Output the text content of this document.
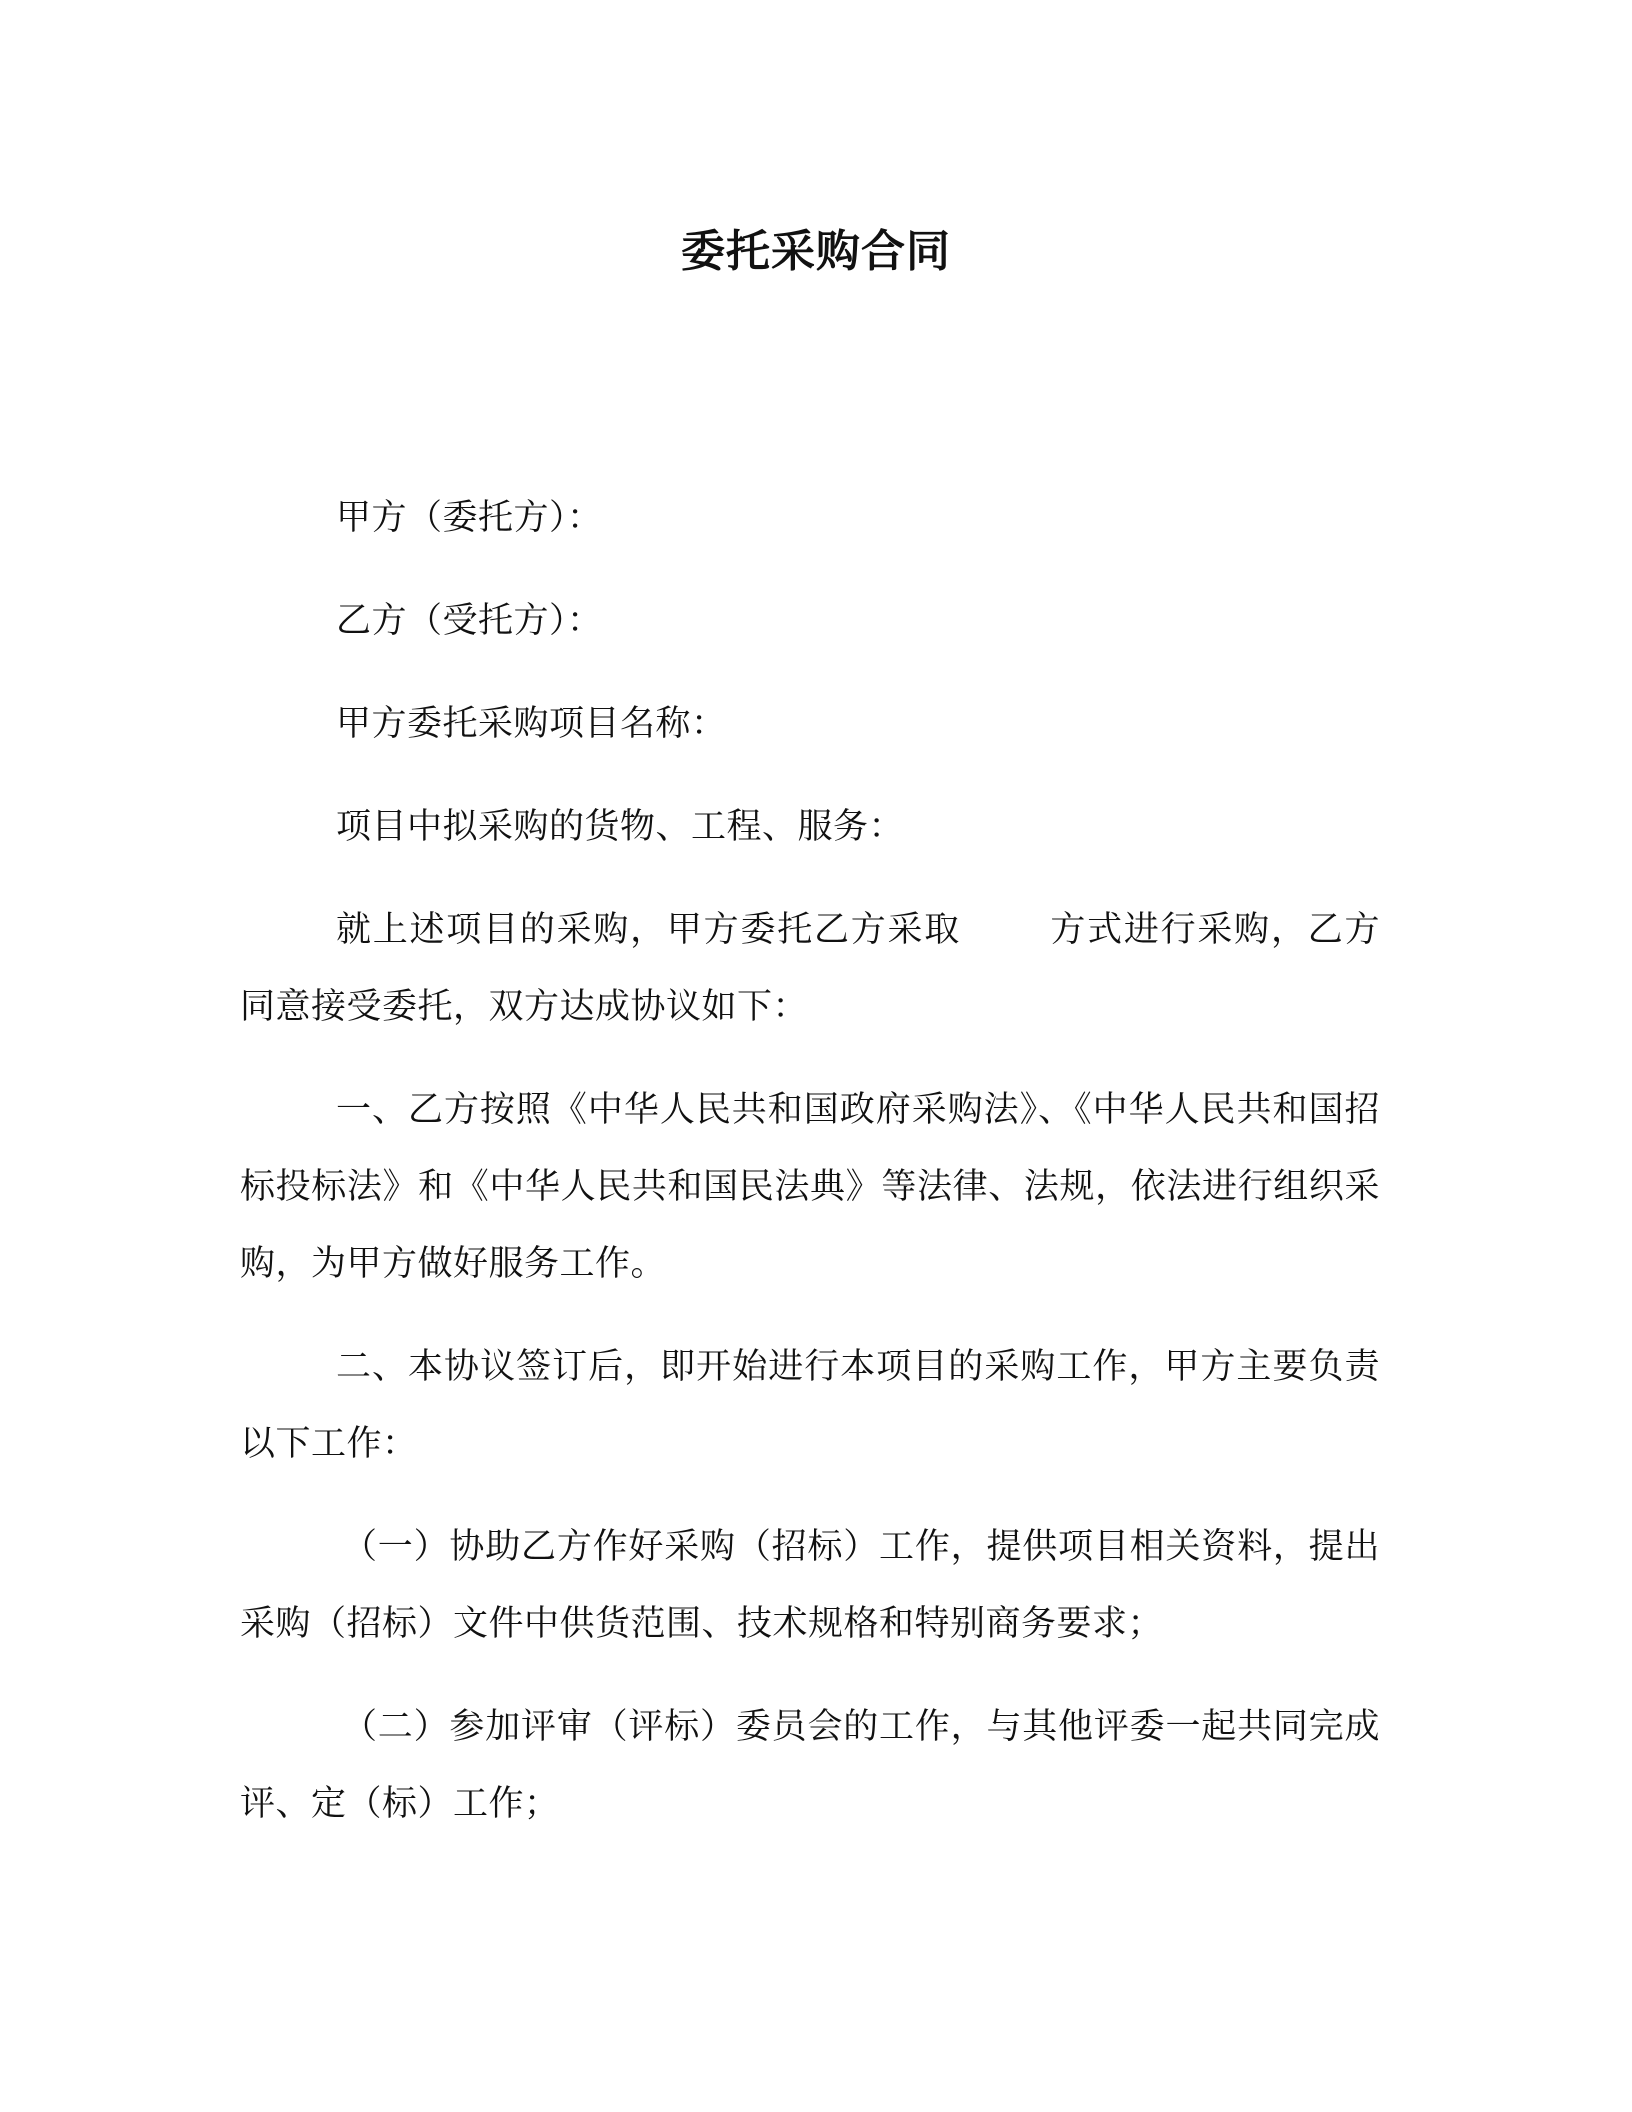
委托采购合同

甲方（委托方）：

乙方（受托方）：

甲方委托采购项目名称：

项目中拟采购的货物、工程、服务：

就上述项目的采购，甲方委托乙方采取	方式进行采购，乙方同意接受委托，双方达成协议如下：

一、乙方按照《中华人民共和国政府采购法》、《中华人民共和国招标投标法》和《中华人民共和国民法典》等法律、法规，依法进行组织采购，为甲方做好服务工作。

二、本协议签订后，即开始进行本项目的采购工作，甲方主要负责以下工作：

（一）协助乙方作好采购（招标）工作，提供项目相关资料，提出采购（招标）文件中供货范围、技术规格和特别商务要求；

（二）参加评审（评标）委员会的工作，与其他评委一起共同完成评、定（标）工作；
